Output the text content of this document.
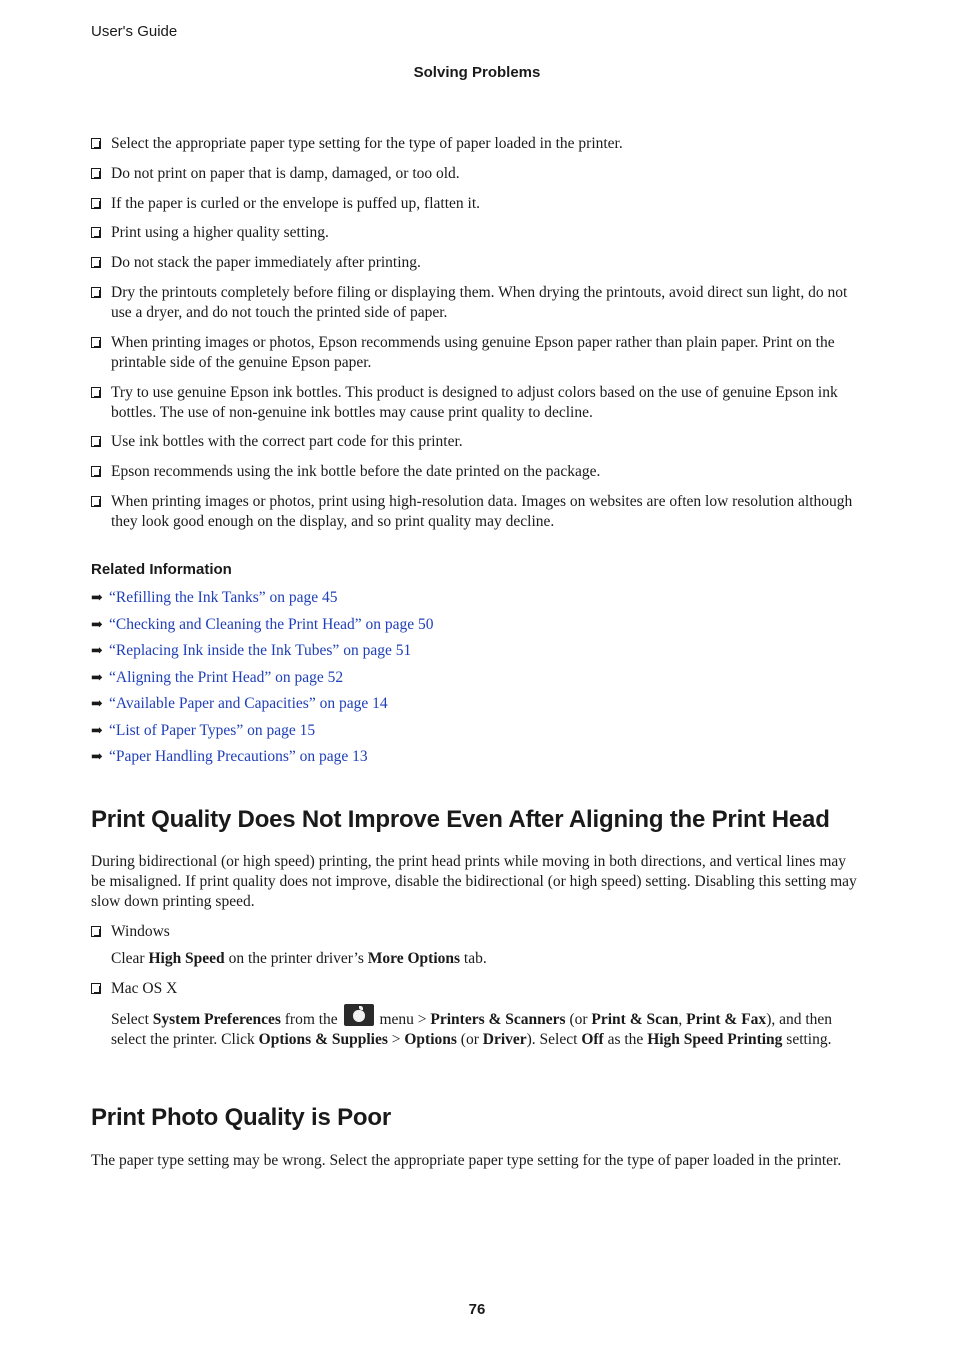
User's Guide
Solving Problems
Select the appropriate paper type setting for the type of paper loaded in the printer.
Do not print on paper that is damp, damaged, or too old.
If the paper is curled or the envelope is puffed up, flatten it.
Print using a higher quality setting.
Do not stack the paper immediately after printing.
Dry the printouts completely before filing or displaying them. When drying the printouts, avoid direct sun light, do not use a dryer, and do not touch the printed side of paper.
When printing images or photos, Epson recommends using genuine Epson paper rather than plain paper. Print on the printable side of the genuine Epson paper.
Try to use genuine Epson ink bottles. This product is designed to adjust colors based on the use of genuine Epson ink bottles. The use of non-genuine ink bottles may cause print quality to decline.
Use ink bottles with the correct part code for this printer.
Epson recommends using the ink bottle before the date printed on the package.
When printing images or photos, print using high-resolution data. Images on websites are often low resolution although they look good enough on the display, and so print quality may decline.
Related Information
➡ “Refilling the Ink Tanks” on page 45
➡ “Checking and Cleaning the Print Head” on page 50
➡ “Replacing Ink inside the Ink Tubes” on page 51
➡ “Aligning the Print Head” on page 52
➡ “Available Paper and Capacities” on page 14
➡ “List of Paper Types” on page 15
➡ “Paper Handling Precautions” on page 13
Print Quality Does Not Improve Even After Aligning the Print Head

During bidirectional (or high speed) printing, the print head prints while moving in both directions, and vertical lines may be misaligned. If print quality does not improve, disable the bidirectional (or high speed) setting. Disabling this setting may slow down printing speed.

Windows

Clear High Speed on the printer driver’s More Options tab.

Mac OS X

Select System Preferences from the  menu > Printers & Scanners (or Print & Scan, Print & Fax), and then select the printer. Click Options & Supplies > Options (or Driver). Select Off as the High Speed Printing setting.

Print Photo Quality is Poor

The paper type setting may be wrong. Select the appropriate paper type setting for the type of paper loaded in the printer.

76
